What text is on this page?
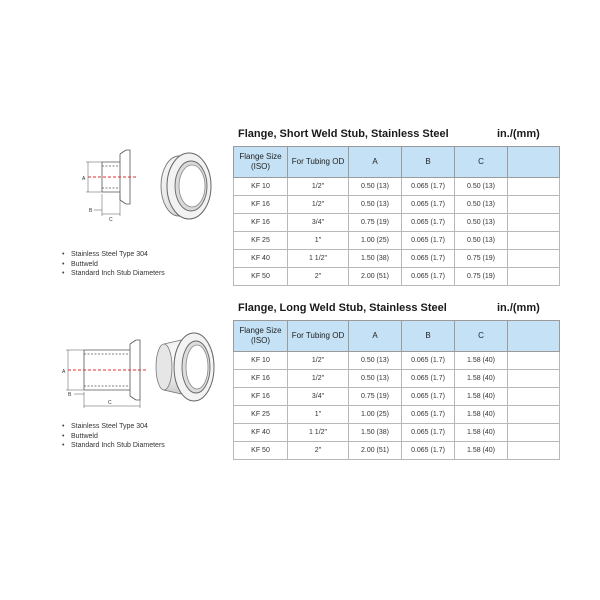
Flange, Short Weld Stub, Stainless Steel	in./(mm)
A
B
C
Flange Size (ISO)	For Tubing OD	A	B	C	
KF 10	1/2"	0.50 (13)	0.065 (1.7)	0.50 (13)	
KF 16	1/2"	0.50 (13)	0.065 (1.7)	0.50 (13)	
KF 16	3/4"	0.75 (19)	0.065 (1.7)	0.50 (13)	
KF 25	1"	1.00 (25)	0.065 (1.7)	0.50 (13)	
KF 40	1 1/2"	1.50 (38)	0.065 (1.7)	0.75 (19)	
KF 50	2"	2.00 (51)	0.065 (1.7)	0.75 (19)	
• Stainless Steel Type 304
• Buttweld
• Standard Inch Stub Diameters
Flange, Long Weld Stub, Stainless Steel	in./(mm)
A
B
C
Flange Size (ISO)	For Tubing OD	A	B	C	
KF 10	1/2"	0.50 (13)	0.065 (1.7)	1.58 (40)	
KF 16	1/2"	0.50 (13)	0.065 (1.7)	1.58 (40)	
KF 16	3/4"	0.75 (19)	0.065 (1.7)	1.58 (40)	
KF 25	1"	1.00 (25)	0.065 (1.7)	1.58 (40)	
KF 40	1 1/2"	1.50 (38)	0.065 (1.7)	1.58 (40)	
KF 50	2"	2.00 (51)	0.065 (1.7)	1.58 (40)	
• Stainless Steel Type 304
• Buttweld
• Standard Inch Stub Diameters
